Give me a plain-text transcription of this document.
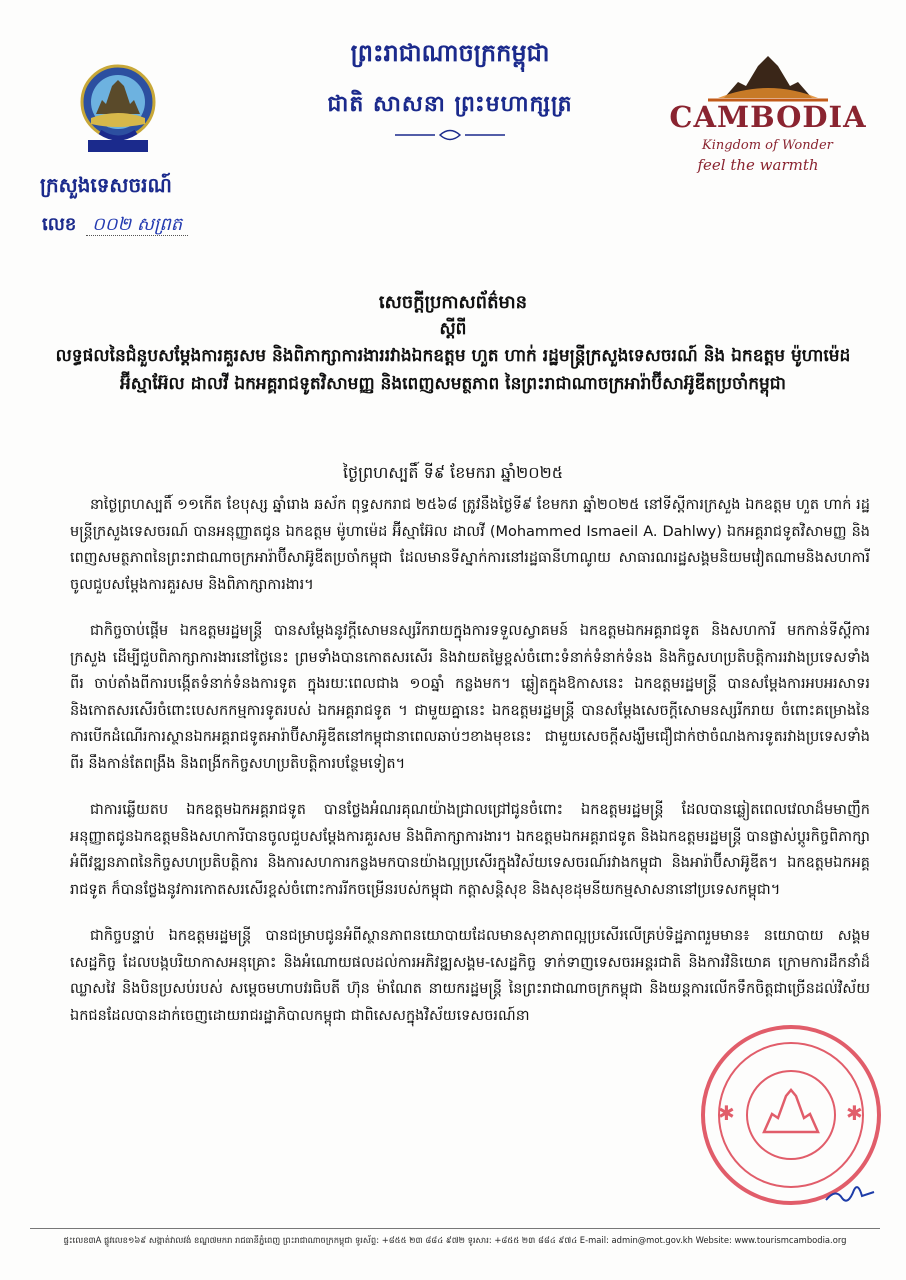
ព្រះរាជាណាចក្រកម្ពុជា
ជាតិ សាសនា ព្រះមហាក្សត្រ	CAMBODIA
Kingdom of Wonder
feel the warmth
ក្រសួងទេសចរណ៍
លេខ ០០២ សព្រត
សេចក្តីប្រកាសព័ត៌មាន
ស្តីពី
លទ្ធផលនៃជំនួបសម្តែងការគួរសម និងពិភាក្សាការងាររវាងឯកឧត្តម ហួត ហាក់ រដ្ឋមន្ត្រីក្រសួងទេសចរណ៍ និង ឯកឧត្តម ម៉ូហាម៉េដ អ៊ីស្មាអ៊ែល ដាលវី ឯកអគ្គរាជទូតវិសាមញ្ញ និងពេញសមត្ថភាព នៃព្រះរាជាណាចក្រអារ៉ាប៊ីសាអ៊ូឌីតប្រចាំកម្ពុជា
ថ្ងៃព្រហស្បតិ៍ ទី៩ ខែមករា ឆ្នាំ២០២៥

នាថ្ងៃព្រហស្បតិ៍ ១១កើត ខែបុស្ស ឆ្នាំរោង ឆស័ក ពុទ្ធសករាជ ២៥៦៨ ត្រូវនឹងថ្ងៃទី៩ ខែមករា ឆ្នាំ២០២៥ នៅទីស្តីការក្រសួង ឯកឧត្តម ហួត ហាក់ រដ្ឋមន្ត្រីក្រសួងទេសចរណ៍ បានអនុញ្ញាតជូន ឯកឧត្តម ម៉ូហាម៉េដ អ៊ីស្មាអ៊ែល ដាលវី (Mohammed Ismaeil A. Dahlwy) ឯកអគ្គរាជទូតវិសាមញ្ញ និងពេញសមត្ថភាពនៃព្រះរាជាណាចក្រអារ៉ាប៊ីសាអ៊ូឌីតប្រចាំកម្ពុជា ដែលមានទីស្នាក់ការនៅរដ្ឋធានីហាណូយ សាធារណរដ្ឋសង្គមនិយមវៀតណាមនិងសហការី ចូលជួបសម្តែងការគួរសម និងពិភាក្សាការងារ។

ជាកិច្ចចាប់ផ្តើម ឯកឧត្តមរដ្ឋមន្ត្រី បានសម្តែងនូវក្តីសោមនស្សរីករាយក្នុងការទទួលស្វាគមន៍ ឯកឧត្តមឯកអគ្គរាជទូត និងសហការី មកកាន់ទីស្តីការក្រសួង ដើម្បីជួបពិភាក្សាការងារនៅថ្ងៃនេះ ព្រមទាំងបានកោតសរសើរ និងវាយតម្លៃខ្ពស់ចំពោះទំនាក់ទំនាក់ទំនង និងកិច្ចសហប្រតិបត្តិការរវាងប្រទេសទាំងពីរ ចាប់តាំងពីការបង្កើតទំនាក់ទំនងការទូត ក្នុងរយៈពេលជាង ១០ឆ្នាំ កន្លងមក។ ឆ្លៀតក្នុងឱកាសនេះ ឯកឧត្តមរដ្ឋមន្ត្រី បានសម្តែងការអបអរសាទរ និងកោតសរសើរចំពោះបេសកកម្មការទូតរបស់ ឯកអគ្គរាជទូត ។ ជាមួយគ្នានេះ ឯកឧត្តមរដ្ឋមន្ត្រី បានសម្តែងសេចក្តីសោមនស្សរីករាយ ចំពោះគម្រោងនៃការបើកដំណើរការស្ថានឯកអគ្គរាជទូតអារ៉ាប៊ីសាអ៊ូឌីតនៅកម្ពុជានាពេលឆាប់ៗខាងមុខនេះ ជាមួយសេចក្តីសង្ឃឹមជឿជាក់ថាចំណងការទូតរវាងប្រទេសទាំងពីរ នឹងកាន់តែពង្រឹង និងពង្រីកកិច្ចសហប្រតិបត្តិការបន្ថែមទៀត។

ជាការឆ្លើយតប ឯកឧត្តមឯកអគ្គរាជទូត បានថ្លែងអំណរគុណយ៉ាងជ្រាលជ្រៅជូនចំពោះ ឯកឧត្តមរដ្ឋមន្ត្រី ដែលបានឆ្លៀតពេលវេលាដ៏មមាញឹកអនុញ្ញាតជូនឯកឧត្តមនិងសហការីបានចូលជួបសម្តែងការគួរសម និងពិភាក្សាការងារ។ ឯកឧត្តមឯកអគ្គរាជទូត និងឯកឧត្តមរដ្ឋមន្ត្រី បានផ្លាស់ប្តូរកិច្ចពិភាក្សាអំពីវឌ្ឍនភាពនៃកិច្ចសហប្រតិបត្តិការ និងការសហការកន្លងមកបានយ៉ាងល្អប្រសើរក្នុងវិស័យទេសចរណ៍រវាងកម្ពុជា និងអារ៉ាប៊ីសាអ៊ូឌីត។ ឯកឧត្តមឯកអគ្គរាជទូត ក៏បានថ្លែងនូវការកោតសរសើរខ្ពស់ចំពោះការរីកចម្រើនរបស់កម្ពុជា កត្តាសន្តិសុខ និងសុខដុមនីយកម្មសាសនានៅប្រទេសកម្ពុជា។

ជាកិច្ចបន្ទាប់ ឯកឧត្តមរដ្ឋមន្ត្រី បានជម្រាបជូនអំពីស្ថានភាពនយោបាយដែលមានសុខាភាពល្អប្រសើរលើគ្រប់ទិដ្ឋភាពរួមមាន៖ នយោបាយ សង្គម សេដ្ឋកិច្ច ដែលបង្កបរិយាកាសអនុគ្រោះ និងអំណោយផលដល់ការអភិវឌ្ឍសង្គម-សេដ្ឋកិច្ច ទាក់ទាញទេសចរអន្តរជាតិ និងការវិនិយោគ ក្រោមការដឹកនាំដ៏ឈ្លាសវៃ និងបិនប្រសប់របស់ សម្តេចមហាបវរធិបតី ហ៊ុន ម៉ាណែត នាយករដ្ឋមន្ត្រី នៃព្រះរាជាណាចក្រកម្ពុជា និងយន្តការលើកទឹកចិត្តជាច្រើនដល់វិស័យឯកជនដែលបានដាក់ចេញដោយរាជរដ្ឋាភិបាលកម្ពុជា ជាពិសេសក្នុងវិស័យទេសចរណ៍នា

✱	✱
ផ្ទះលេខ៣A ផ្លូវលេខ១៦៩ សង្កាត់វាលវង់ ខណ្ឌ៧មករា រាជធានីភ្នំពេញ ព្រះរាជាណាចក្រកម្ពុជា ទូរស័ព្ទ: +៨៥៥ ២៣ ៨៨៤ ៩៧២ ទូរសារ: +៨៥៥ ២៣ ៨៨៤ ៩៧៤ E-mail: admin@mot.gov.kh Website: www.tourismcambodia.org
